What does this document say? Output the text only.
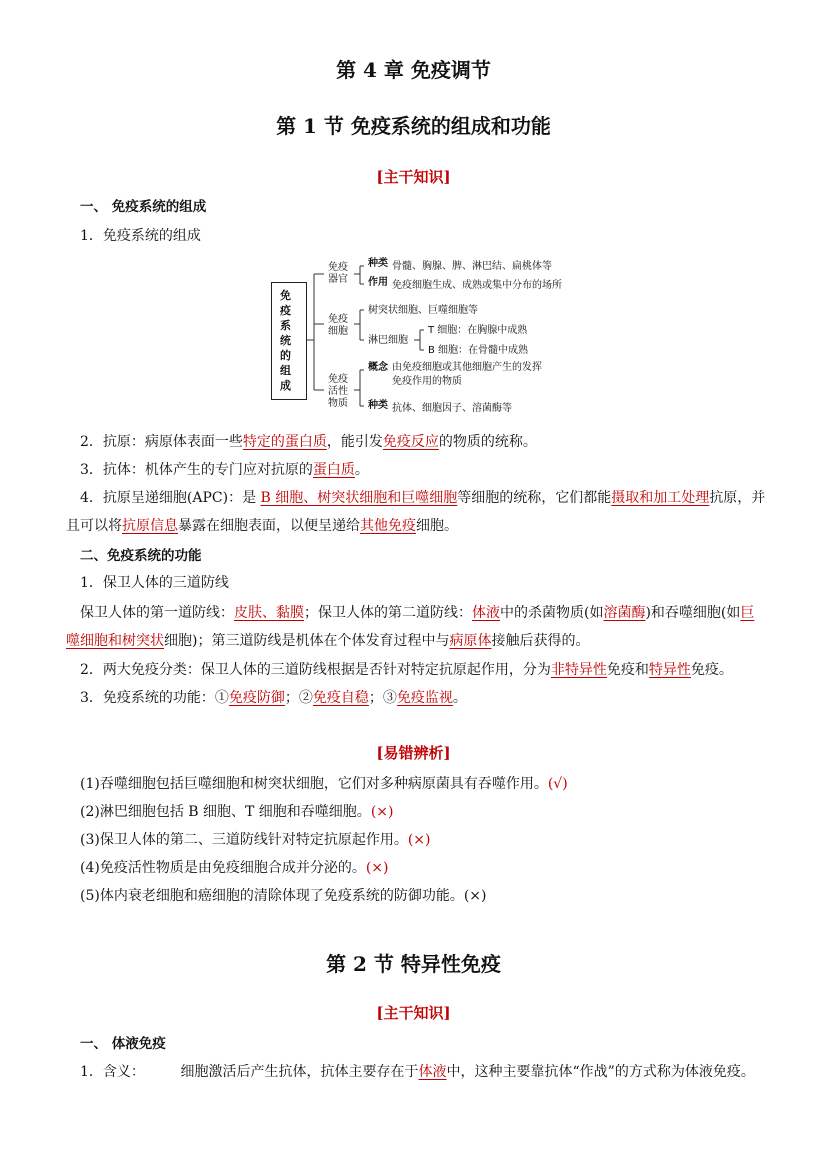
第 4 章 免疫调节
第 1 节 免疫系统的组成和功能
[主干知识]
一、 免疫系统的组成
1．免疫系统的组成
免疫系统的组成
免疫器官
种类 骨髓、胸腺、脾、淋巴结、扁桃体等
作用 免疫细胞生成、成熟或集中分布的场所
免疫细胞
树突状细胞、巨噬细胞等
淋巴细胞
T 细胞：在胸腺中成熟
B 细胞：在骨髓中成熟
免疫活性物质
概念 由免疫细胞或其他细胞产生的发挥
免疫作用的物质
种类 抗体、细胞因子、溶菌酶等
2．抗原：病原体表面一些特定的蛋白质，能引发免疫反应的物质的统称。
3．抗体：机体产生的专门应对抗原的蛋白质。
4．抗原呈递细胞(APC)：是 B 细胞、树突状细胞和巨噬细胞等细胞的统称，它们都能摄取和加工处理抗原，并
且可以将抗原信息暴露在细胞表面，以便呈递给其他免疫细胞。
二、免疫系统的功能
1．保卫人体的三道防线
保卫人体的第一道防线：皮肤、黏膜；保卫人体的第二道防线：体液中的杀菌物质(如溶菌酶)和吞噬细胞(如巨
噬细胞和树突状细胞)；第三道防线是机体在个体发育过程中与病原体接触后获得的。
2．两大免疫分类：保卫人体的三道防线根据是否针对特定抗原起作用，分为非特异性免疫和特异性免疫。
3．免疫系统的功能：①免疫防御；②免疫自稳；③免疫监视。
[易错辨析]
(1)吞噬细胞包括巨噬细胞和树突状细胞，它们对多种病原菌具有吞噬作用。(√)
(2)淋巴细胞包括 B 细胞、T 细胞和吞噬细胞。(×)
(3)保卫人体的第二、三道防线针对特定抗原起作用。(×)
(4)免疫活性物质是由免疫细胞合成并分泌的。(×)
(5)体内衰老细胞和癌细胞的清除体现了免疫系统的防御功能。(×)
第 2 节 特异性免疫
[主干知识]
一、 体液免疫
1．含义：        细胞激活后产生抗体，抗体主要存在于体液中，这种主要靠抗体“作战”的方式称为体液免疫。
